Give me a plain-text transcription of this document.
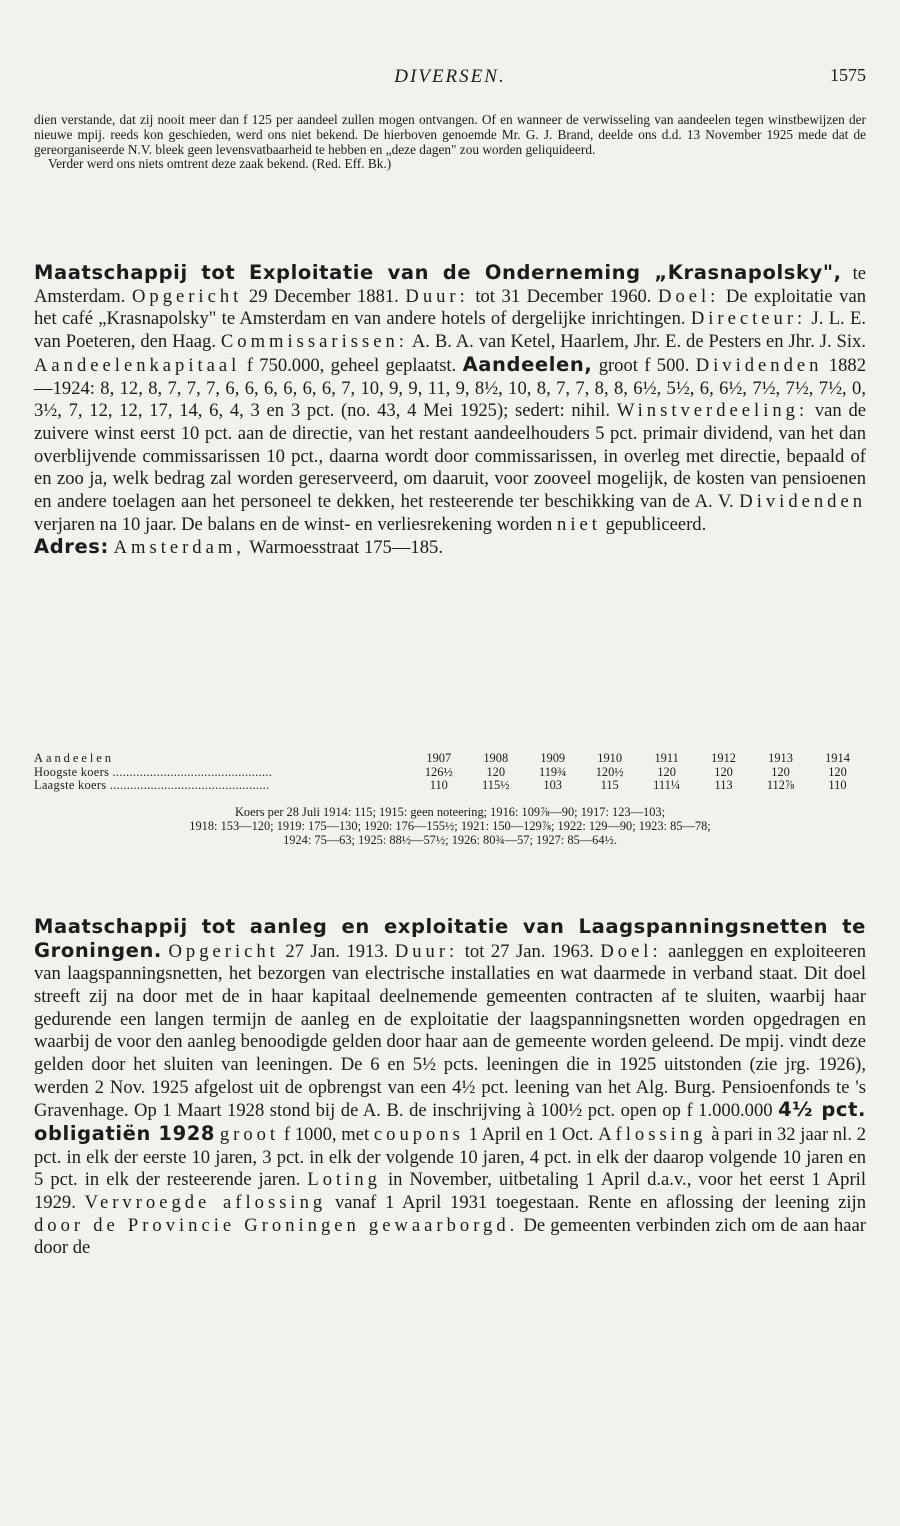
DIVERSEN.	1575

dien verstande, dat zij nooit meer dan f 125 per aandeel zullen mogen ontvangen. Of en wanneer de verwisseling van aandeelen tegen winstbewijzen der nieuwe mpij. reeds kon geschieden, werd ons niet bekend. De hierboven genoemde Mr. G. J. Brand, deelde ons d.d. 13 November 1925 mede dat de gereorganiseerde N.V. bleek geen levensvatbaarheid te hebben en „deze dagen" zou worden geliquideerd.

Verder werd ons niets omtrent deze zaak bekend. (Red. Eff. Bk.)

Maatschappij tot Exploitatie van de Onderneming „Krasnapolsky", te Amsterdam. Opgericht 29 December 1881. Duur: tot 31 December 1960. Doel: De exploitatie van het café „Krasnapolsky" te Amsterdam en van andere hotels of dergelijke inrichtingen. Directeur: J. L. E. van Poeteren, den Haag. Commissarissen: A. B. A. van Ketel, Haarlem, Jhr. E. de Pesters en Jhr. J. Six. Aandeelenkapitaal f 750.000, geheel geplaatst. Aandeelen, groot f 500. Dividenden 1882—1924: 8, 12, 8, 7, 7, 7, 6, 6, 6, 6, 6, 6, 7, 10, 9, 9, 11, 9, 8½, 10, 8, 7, 7, 8, 8, 6½, 5½, 6, 6½, 7½, 7½, 7½, 0, 3½, 7, 12, 12, 17, 14, 6, 4, 3 en 3 pct. (no. 43, 4 Mei 1925); sedert: nihil. Winstverdeeling: van de zuivere winst eerst 10 pct. aan de directie, van het restant aandeelhouders 5 pct. primair dividend, van het dan overblijvende commissarissen 10 pct., daarna wordt door commissarissen, in overleg met directie, bepaald of en zoo ja, welk bedrag zal worden gereserveerd, om daaruit, voor zooveel mogelijk, de kosten van pensioenen en andere toelagen aan het personeel te dekken, het resteerende ter beschikking van de A. V. Dividenden verjaren na 10 jaar. De balans en de winst- en verliesrekening worden niet gepubliceerd.

Adres: Amsterdam, Warmoesstraat 175—185.

Aandeelen	1907	1908	1909	1910	1911	1912	1913	1914
Hoogste koers ...............................................	126½	120	119¾	120½	120	120	120	120
Laagste koers ...............................................	110	115½	103	115	111¼	113	112⅞	110

Koers per 28 Juli 1914: 115; 1915: geen noteering; 1916: 109⅞—90; 1917: 123—103;

1918: 153—120; 1919: 175—130; 1920: 176—155½; 1921: 150—129⅞; 1922: 129—90; 1923: 85—78;

1924: 75—63; 1925: 88½—57½; 1926: 80¾—57; 1927: 85—64½.

Maatschappij tot aanleg en exploitatie van Laagspanningsnetten te Groningen. Opgericht 27 Jan. 1913. Duur: tot 27 Jan. 1963. Doel: aanleggen en exploiteeren van laagspanningsnetten, het bezorgen van electrische installaties en wat daarmede in verband staat. Dit doel streeft zij na door met de in haar kapitaal deelnemende gemeenten contracten af te sluiten, waarbij haar gedurende een langen termijn de aanleg en de exploitatie der laagspanningsnetten worden opgedragen en waarbij de voor den aanleg benoodigde gelden door haar aan de gemeente worden geleend. De mpij. vindt deze gelden door het sluiten van leeningen. De 6 en 5½ pcts. leeningen die in 1925 uitstonden (zie jrg. 1926), werden 2 Nov. 1925 afgelost uit de opbrengst van een 4½ pct. leening van het Alg. Burg. Pensioenfonds te 's Gravenhage. Op 1 Maart 1928 stond bij de A. B. de inschrijving à 100½ pct. open op f 1.000.000 4½ pct. obligatiën 1928 groot f 1000, met coupons 1 April en 1 Oct. Aflossing à pari in 32 jaar nl. 2 pct. in elk der eerste 10 jaren, 3 pct. in elk der volgende 10 jaren, 4 pct. in elk der daarop volgende 10 jaren en 5 pct. in elk der resteerende jaren. Loting in November, uitbetaling 1 April d.a.v., voor het eerst 1 April 1929. Vervroegde aflossing vanaf 1 April 1931 toegestaan. Rente en aflossing der leening zijn door de Provincie Groningen gewaarborgd. De gemeenten verbinden zich om de aan haar door de
